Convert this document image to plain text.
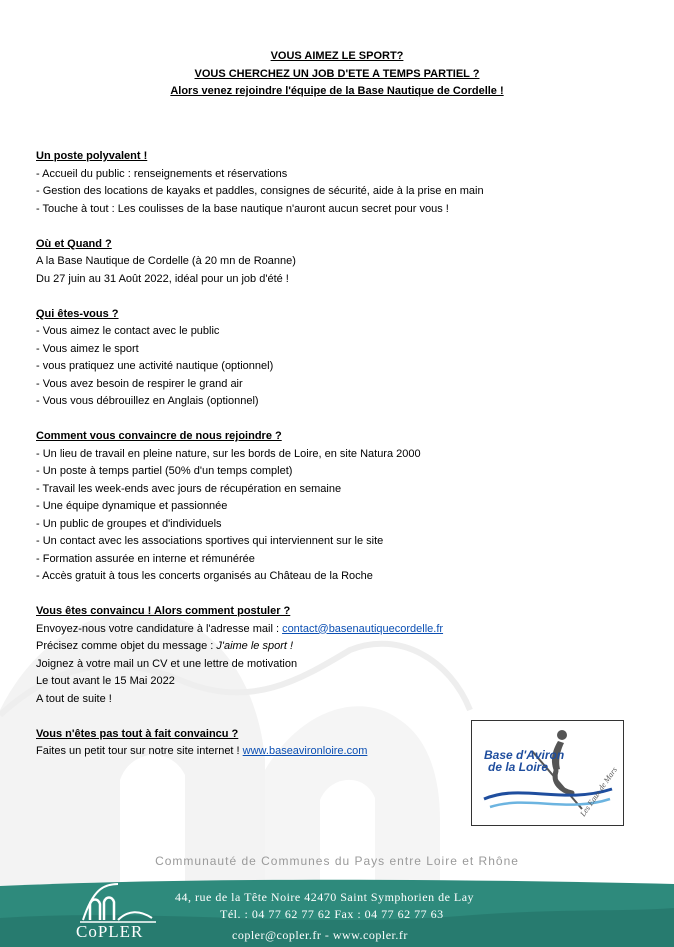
VOUS AIMEZ LE SPORT?
VOUS CHERCHEZ UN JOB D'ETE A TEMPS PARTIEL ?
Alors venez rejoindre l'équipe de la Base Nautique de Cordelle !
Un poste polyvalent !
- Accueil du public : renseignements et réservations
- Gestion des locations de kayaks et paddles, consignes de sécurité, aide à la prise en main
- Touche à tout : Les coulisses de la base nautique n'auront aucun secret pour vous !
Où et Quand ?
A la Base Nautique de Cordelle (à 20 mn de Roanne)
Du 27 juin au 31 Août 2022, idéal pour un job d'été !
Qui êtes-vous ?
- Vous aimez le contact avec le public
- Vous aimez le sport
- vous pratiquez une activité nautique (optionnel)
- Vous avez besoin de respirer le grand air
- Vous vous débrouillez en Anglais (optionnel)
Comment vous convaincre de nous rejoindre ?
- Un lieu de travail en pleine nature, sur les bords de Loire, en site Natura 2000
- Un poste à temps partiel (50% d'un temps complet)
- Travail les week-ends avec jours de récupération en semaine
- Une équipe dynamique et passionnée
- Un public de groupes et d'individuels
- Un contact avec les associations sportives qui interviennent sur le site
- Formation assurée en interne et rémunérée
- Accès gratuit à tous les concerts organisés au Château de la Roche
Vous êtes convaincu ! Alors comment postuler ?
Envoyez-nous votre candidature à l'adresse mail : contact@basenautiquecordelle.fr
Précisez comme objet du message : J'aime le sport !
Joignez à votre mail un CV et une lettre de motivation
Le tout avant le 15 Mai 2022
A tout de suite !
Vous n'êtes pas tout à fait convaincu ?
Faites un petit tour sur notre site internet ! www.baseavironloire.com	Base d'Aviron
de la Loire	Les Eaux de Mars
Communauté de Communes du Pays entre Loire et Rhône
CoPLER
44, rue de la Tête Noire 42470 Saint Symphorien de Lay
Tél. : 04 77 62 77 62 Fax : 04 77 62 77 63
copler@copler.fr - www.copler.fr
